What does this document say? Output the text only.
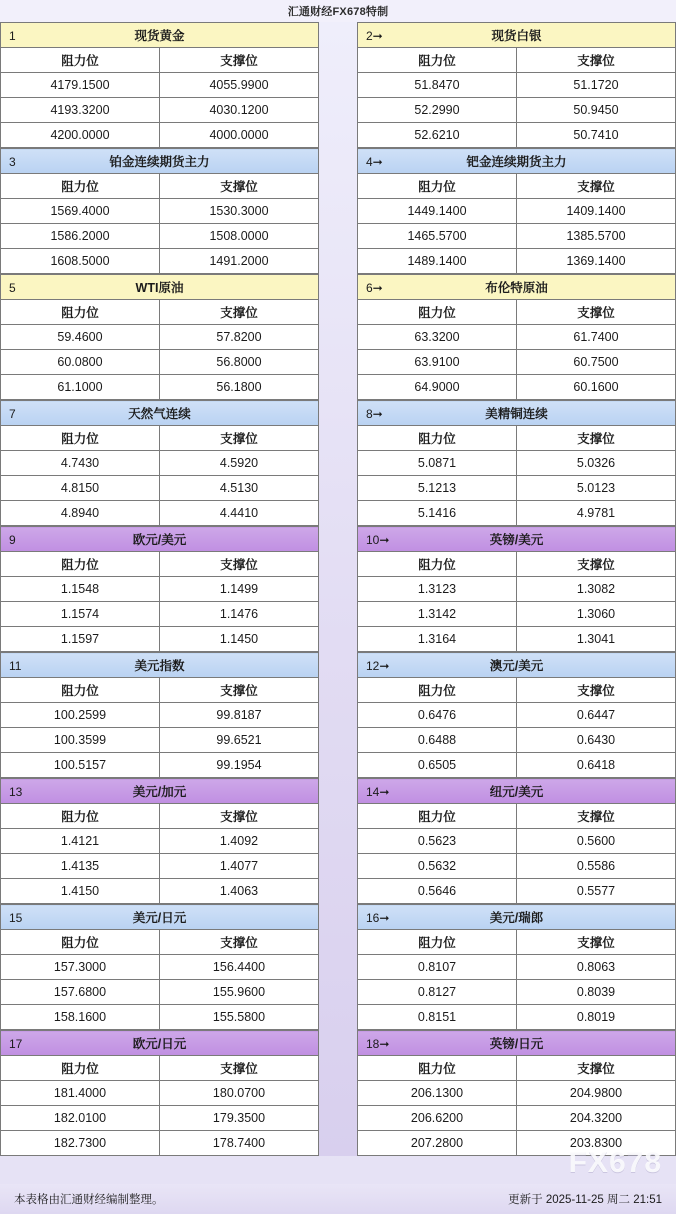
汇通财经FX678特制
1 现货黄金	
阻力位	支撑位
4179.1500	4055.9900
4193.3200	4030.1200
4200.0000	4000.0000
3 铂金连续期货主力	
阻力位	支撑位
1569.4000	1530.3000
1586.2000	1508.0000
1608.5000	1491.2000
5 WTI原油	
阻力位	支撑位
59.4600	57.8200
60.0800	56.8000
61.1000	56.1800
7 天然气连续	
阻力位	支撑位
4.7430	4.5920
4.8150	4.5130
4.8940	4.4410
9 欧元/美元	
阻力位	支撑位
1.1548	1.1499
1.1574	1.1476
1.1597	1.1450
11 美元指数	
阻力位	支撑位
100.2599	99.8187
100.3599	99.6521
100.5157	99.1954
13 美元/加元	
阻力位	支撑位
1.4121	1.4092
1.4135	1.4077
1.4150	1.4063
15 美元/日元	
阻力位	支撑位
157.3000	156.4400
157.6800	155.9600
158.1600	155.5800
17 欧元/日元	
阻力位	支撑位
181.4000	180.0700
182.0100	179.3500
182.7300	178.7400
2➞ 现货白银	
阻力位	支撑位
51.8470	51.1720
52.2990	50.9450
52.6210	50.7410
4➞ 钯金连续期货主力	
阻力位	支撑位
1449.1400	1409.1400
1465.5700	1385.5700
1489.1400	1369.1400
6➞ 布伦特原油	
阻力位	支撑位
63.3200	61.7400
63.9100	60.7500
64.9000	60.1600
8➞ 美精铜连续	
阻力位	支撑位
5.0871	5.0326
5.1213	5.0123
5.1416	4.9781
10➞ 英镑/美元	
阻力位	支撑位
1.3123	1.3082
1.3142	1.3060
1.3164	1.3041
12➞ 澳元/美元	
阻力位	支撑位
0.6476	0.6447
0.6488	0.6430
0.6505	0.6418
14➞ 纽元/美元	
阻力位	支撑位
0.5623	0.5600
0.5632	0.5586
0.5646	0.5577
16➞ 美元/瑞郎	
阻力位	支撑位
0.8107	0.8063
0.8127	0.8039
0.8151	0.8019
18➞ 英镑/日元	
阻力位	支撑位
206.1300	204.9800
206.6200	204.3200
207.2800	203.8300
FX678
本表格由汇通财经编制整理。	更新于 2025-11-25 周二 21:51
